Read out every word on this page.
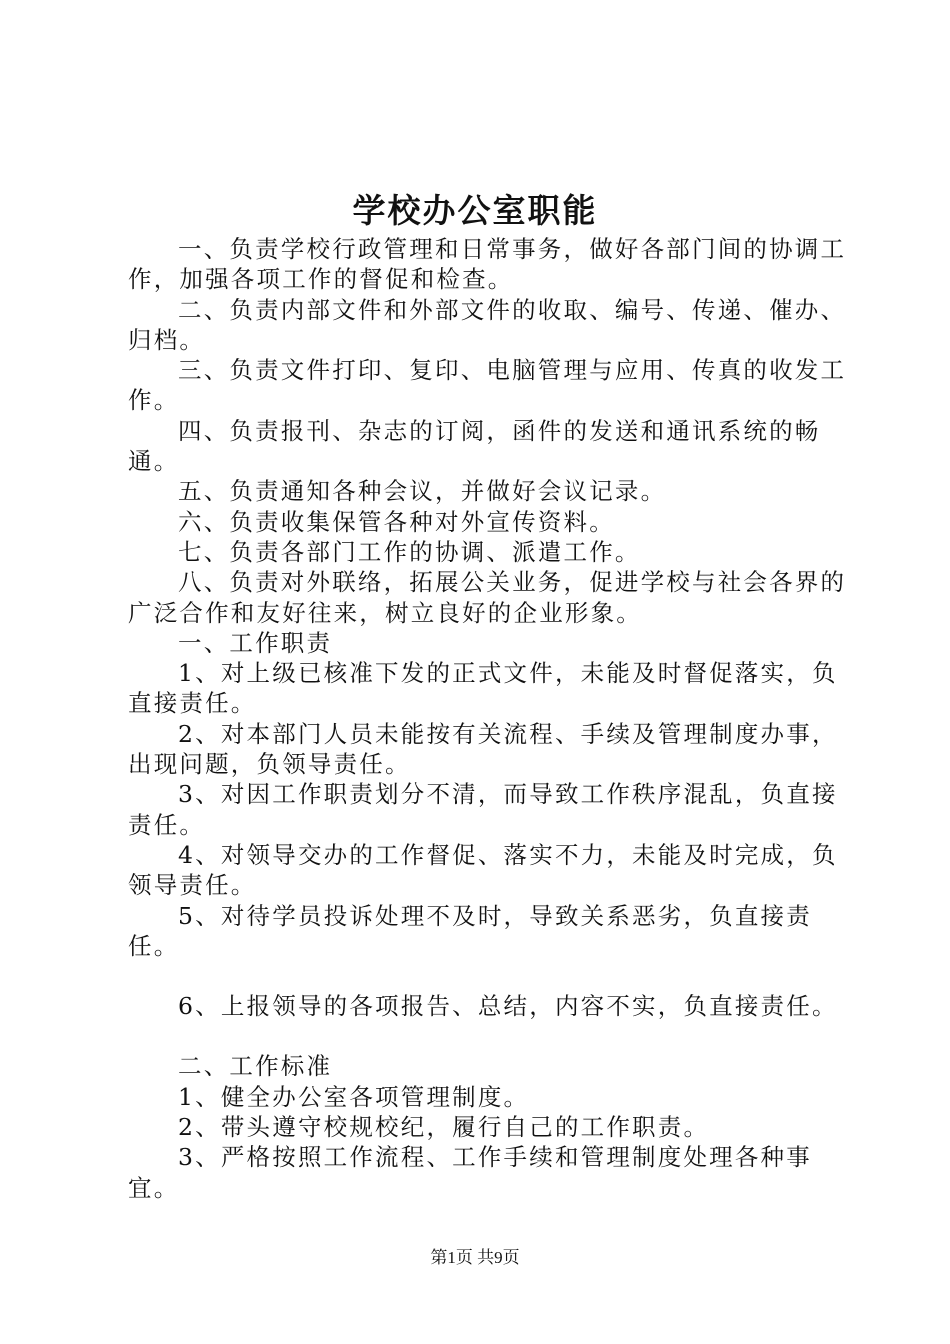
学校办公室职能

一、负责学校行政管理和日常事务，做好各部门间的协调工作，加强各项工作的督促和检查。

二、负责内部文件和外部文件的收取、编号、传递、催办、归档。

三、负责文件打印、复印、电脑管理与应用、传真的收发工作。

四、负责报刊、杂志的订阅，函件的发送和通讯系统的畅通。

五、负责通知各种会议，并做好会议记录。

六、负责收集保管各种对外宣传资料。

七、负责各部门工作的协调、派遣工作。

八、负责对外联络，拓展公关业务，促进学校与社会各界的广泛合作和友好往来，树立良好的企业形象。

一、工作职责

1、对上级已核准下发的正式文件，未能及时督促落实，负直接责任。

2、对本部门人员未能按有关流程、手续及管理制度办事，出现问题，负领导责任。

3、对因工作职责划分不清，而导致工作秩序混乱，负直接责任。

4、对领导交办的工作督促、落实不力，未能及时完成，负领导责任。

5、对待学员投诉处理不及时，导致关系恶劣，负直接责任。

6、上报领导的各项报告、总结，内容不实，负直接责任。

二、工作标准

1、健全办公室各项管理制度。

2、带头遵守校规校纪，履行自己的工作职责。

3、严格按照工作流程、工作手续和管理制度处理各种事宜。

第1页 共9页
